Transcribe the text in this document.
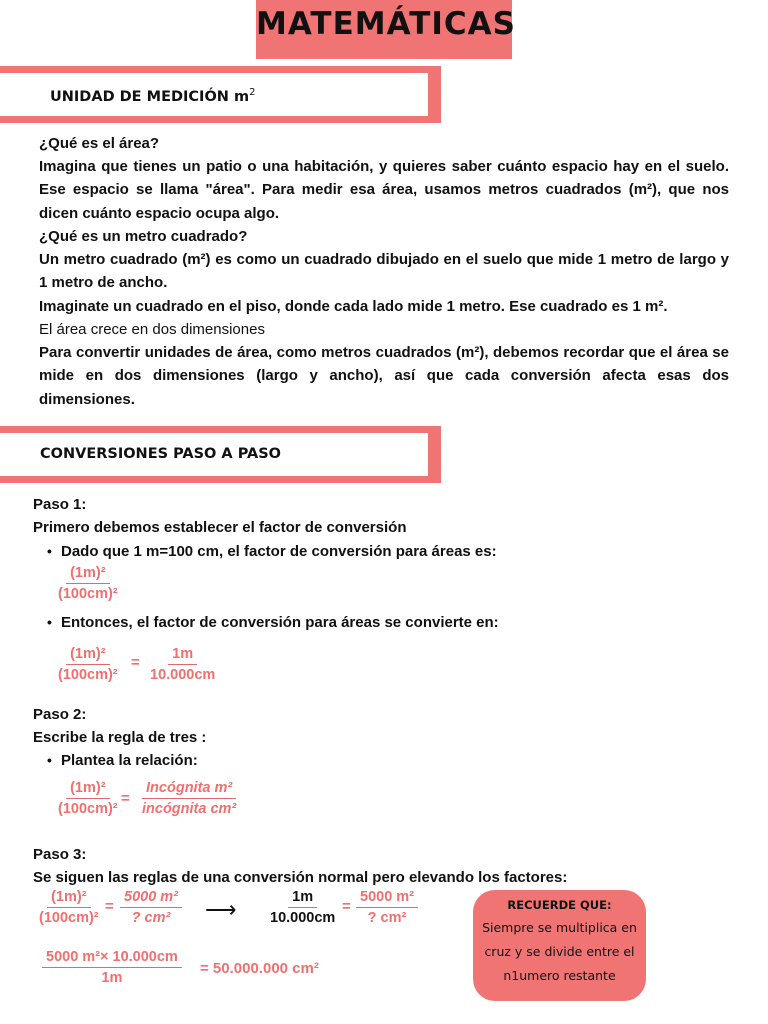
MATEMÁTICAS
UNIDAD DE MEDICIÓN $m^2$
¿Qué es el área?
Imagina que tienes un patio o una habitación, y quieres saber cuánto espacio hay en el suelo. Ese espacio se llama "área". Para medir esa área, usamos metros cuadrados (m²), que nos dicen cuánto espacio ocupa algo.
¿Qué es un metro cuadrado?
Un metro cuadrado (m²) es como un cuadrado dibujado en el suelo que mide 1 metro de largo y 1 metro de ancho.
Imaginate un cuadrado en el piso, donde cada lado mide 1 metro. Ese cuadrado es 1 m².
El área crece en dos dimensiones
Para convertir unidades de área, como metros cuadrados (m²), debemos recordar que el área se mide en dos dimensiones (largo y ancho), así que cada conversión afecta esas dos dimensiones.
CONVERSIONES PASO A PASO
Paso 1:
Primero debemos establecer el factor de conversión
• Dado que 1 m=100 cm, el factor de conversión para áreas es:
$\frac{\text{(1m)²}}{\text{(100cm)²}}$
• Entonces, el factor de conversión para áreas se convierte en:
$\frac{\text{(1m)²}}{\text{(100cm)²}} = \frac{1m}{10.000cm}$
Paso 2:
Escribe la regla de tres :
• Plantea la relación:
$\frac{\text{(1m)²}}{\text{(100cm)²}}$ =
Incógnita m²
incógnita cm²
Paso 3:
Se siguen las reglas de una conversión normal pero elevando los factores:
$\frac{\text{(1m)²}}{\text{(100cm)²}} = \frac{\text{5000 m²}}{\text{? cm²}}$ ⟶ $\frac{1m}{10.000cm} = \frac{\text{5000 m²}}{\text{? cm²}}$
$\frac{\text{5000 m²× 10.000cm}}{1m} = 50.000.000$ cm²
RECUERDE QUE:
Siempre se multiplica en
cruz y se divide entre el
n1umero restante
